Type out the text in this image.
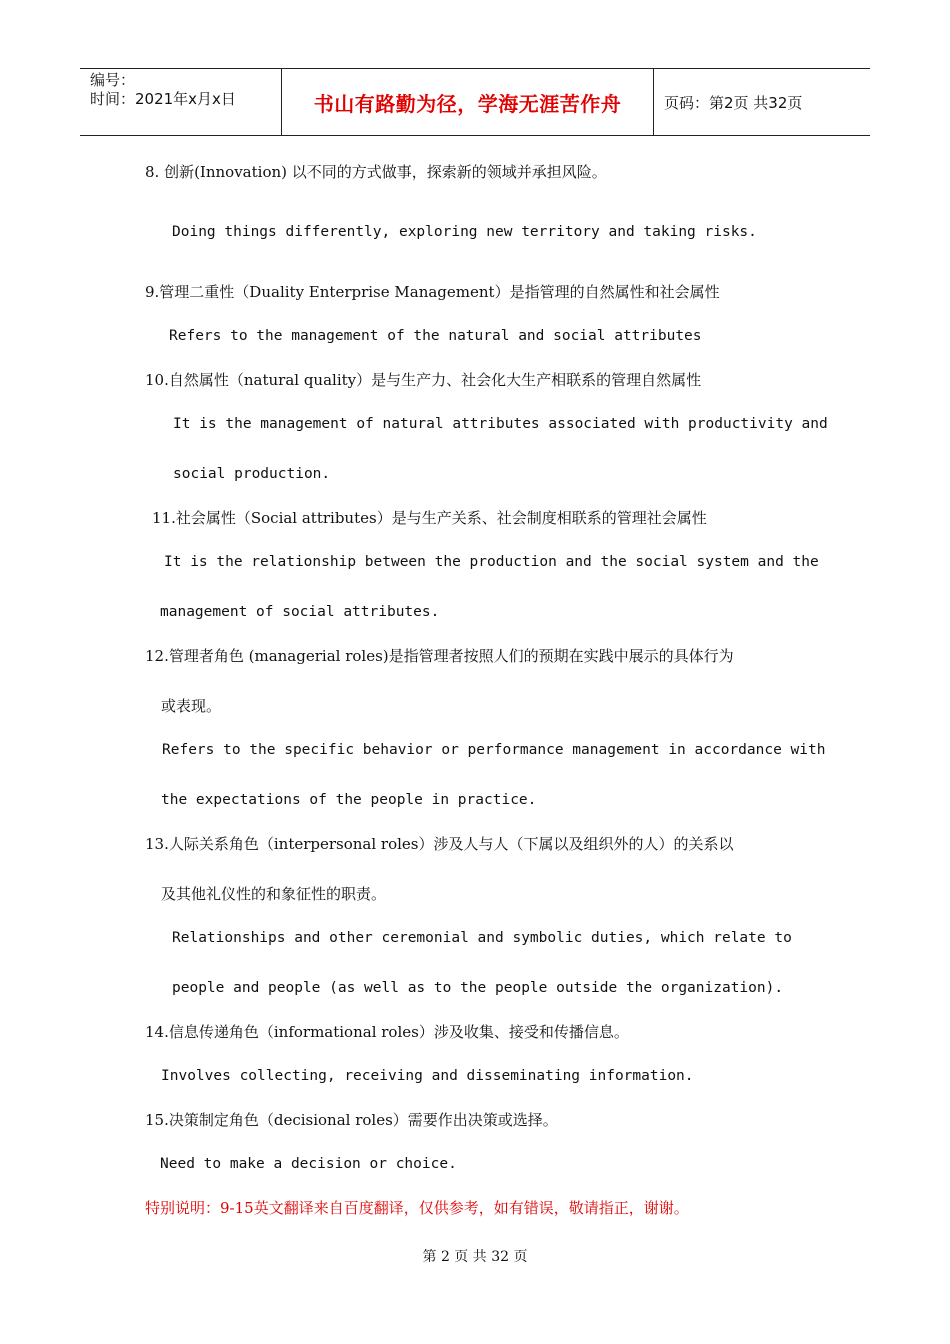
编号：
时间：2021年x月x日	书山有路勤为径，学海无涯苦作舟	页码：第2页 共32页
8. 创新(Innovation) 以不同的方式做事，探索新的领域并承担风险。
Doing things differently, exploring new territory and taking risks.
9.管理二重性（Duality Enterprise Management）是指管理的自然属性和社会属性
Refers to the management of the natural and social attributes
10.自然属性（natural quality）是与生产力、社会化大生产相联系的管理自然属性
It is the management of natural attributes associated with productivity and
social production.
11.社会属性（Social attributes）是与生产关系、社会制度相联系的管理社会属性
It is the relationship between the production and the social system and the
management of social attributes.
12.管理者角色 (managerial roles)是指管理者按照人们的预期在实践中展示的具体行为
或表现。
Refers to the specific behavior or performance management in accordance with
the expectations of the people in practice.
13.人际关系角色（interpersonal roles）涉及人与人（下属以及组织外的人）的关系以
及其他礼仪性的和象征性的职责。
Relationships and other ceremonial and symbolic duties, which relate to
people and people (as well as to the people outside the organization).
14.信息传递角色（informational roles）涉及收集、接受和传播信息。
Involves collecting, receiving and disseminating information.
15.决策制定角色（decisional roles）需要作出决策或选择。
Need to make a decision or choice.
特别说明：9-15英文翻译来自百度翻译，仅供参考，如有错误，敬请指正，谢谢。
第 2 页 共 32 页
